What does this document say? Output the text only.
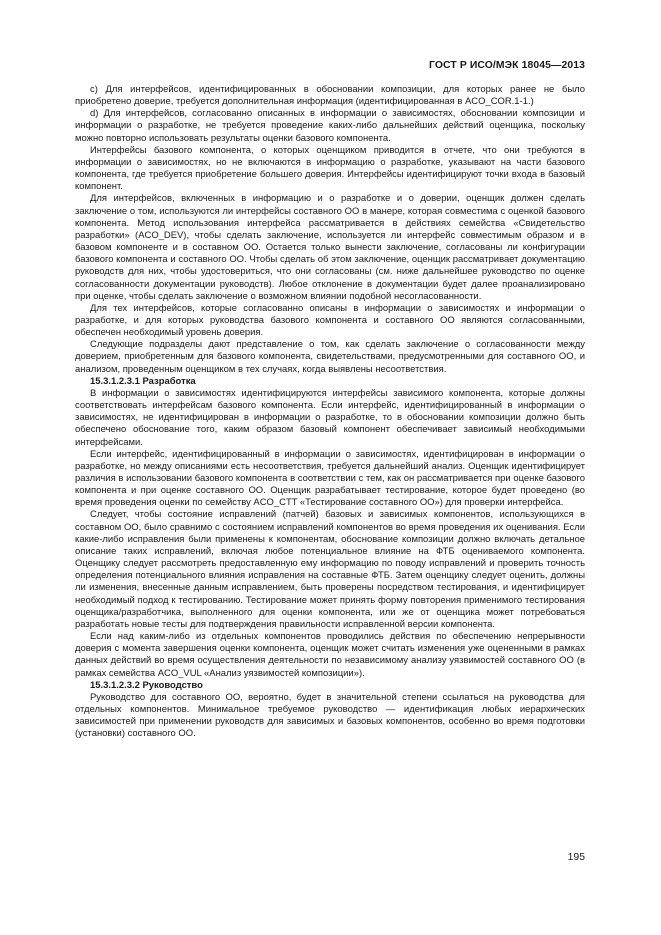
ГОСТ Р ИСО/МЭК 18045—2013

c) Для интерфейсов, идентифицированных в обосновании композиции, для которых ранее не было приобретено доверие, требуется дополнительная информация (идентифицированная в ACO_COR.1-1.)

d) Для интерфейсов, согласованно описанных в информации о зависимостях, обосновании композиции и информации о разработке, не требуется проведение каких-либо дальнейших действий оценщика, поскольку можно повторно использовать результаты оценки базового компонента.

Интерфейсы базового компонента, о которых оценщиком приводится в отчете, что они требуются в информации о зависимостях, но не включаются в информацию о разработке, указывают на части базового компонента, где требуется приобретение большего доверия. Интерфейсы идентифицируют точки входа в базовый компонент.

Для интерфейсов, включенных в информацию и о разработке и о доверии, оценщик должен сделать заключение о том, используются ли интерфейсы составного ОО в манере, которая совместима с оценкой базового компонента. Метод использования интерфейса рассматривается в действиях семейства «Свидетельство разработки» (ACO_DEV), чтобы сделать заключение, используется ли интерфейс совместимым образом и в базовом компоненте и в составном ОО. Остается только вынести заключение, согласованы ли конфигурации базового компонента и составного ОО. Чтобы сделать об этом заключение, оценщик рассматривает документацию руководств для них, чтобы удостовериться, что они согласованы (см. ниже дальнейшее руководство по оценке согласованности документации руководств). Любое отклонение в документации будет далее проанализировано при оценке, чтобы сделать заключение о возможном влиянии подобной несогласованности.

Для тех интерфейсов, которые согласованно описаны в информации о зависимостях и информации о разработке, и для которых руководства базового компонента и составного ОО являются согласованными, обеспечен необходимый уровень доверия.

Следующие подразделы дают представление о том, как сделать заключение о согласованности между доверием, приобретенным для базового компонента, свидетельствами, предусмотренными для составного ОО, и анализом, проведенным оценщиком в тех случаях, когда выявлены несоответствия.

15.3.1.2.3.1 Разработка

В информации о зависимостях идентифицируются интерфейсы зависимого компонента, которые должны соответствовать интерфейсам базового компонента. Если интерфейс, идентифицированный в информации о зависимостях, не идентифицирован в информации о разработке, то в обосновании композиции должно быть обеспечено обоснование того, каким образом базовый компонент обеспечивает зависимый необходимыми интерфейсами.

Если интерфейс, идентифицированный в информации о зависимостях, идентифицирован в информации о разработке, но между описаниями есть несоответствия, требуется дальнейший анализ. Оценщик идентифицирует различия в использовании базового компонента в соответствии с тем, как он рассматривается при оценке базового компонента и при оценке составного ОО. Оценщик разрабатывает тестирование, которое будет проведено (во время проведения оценки по семейству ACO_CTT «Тестирование составного ОО») для проверки интерфейса.

Следует, чтобы состояние исправлений (патчей) базовых и зависимых компонентов, использующихся в составном ОО, было сравнимо с состоянием исправлений компонентов во время проведения их оценивания. Если какие-либо исправления были применены к компонентам, обоснование композиции должно включать детальное описание таких исправлений, включая любое потенциальное влияние на ФТБ оцениваемого компонента. Оценщику следует рассмотреть предоставленную ему информацию по поводу исправлений и проверить точность определения потенциального влияния исправления на составные ФТБ. Затем оценщику следует оценить, должны ли изменения, внесенные данным исправлением, быть проверены посредством тестирования, и идентифицирует необходимый подход к тестированию. Тестирование может принять форму повторения применимого тестирования оценщика/разработчика, выполненного для оценки компонента, или же от оценщика может потребоваться разработать новые тесты для подтверждения правильности исправленной версии компонента.

Если над каким-либо из отдельных компонентов проводились действия по обеспечению непрерывности доверия с момента завершения оценки компонента, оценщик может считать изменения уже оцененными в рамках данных действий во время осуществления деятельности по независимому анализу уязвимостей составного ОО (в рамках семейства ACO_VUL «Анализ уязвимостей композиции»).

15.3.1.2.3.2 Руководство

Руководство для составного ОО, вероятно, будет в значительной степени ссылаться на руководства для отдельных компонентов. Минимальное требуемое руководство — идентификация любых иерархических зависимостей при применении руководств для зависимых и базовых компонентов, особенно во время подготовки (установки) составного ОО.

195
